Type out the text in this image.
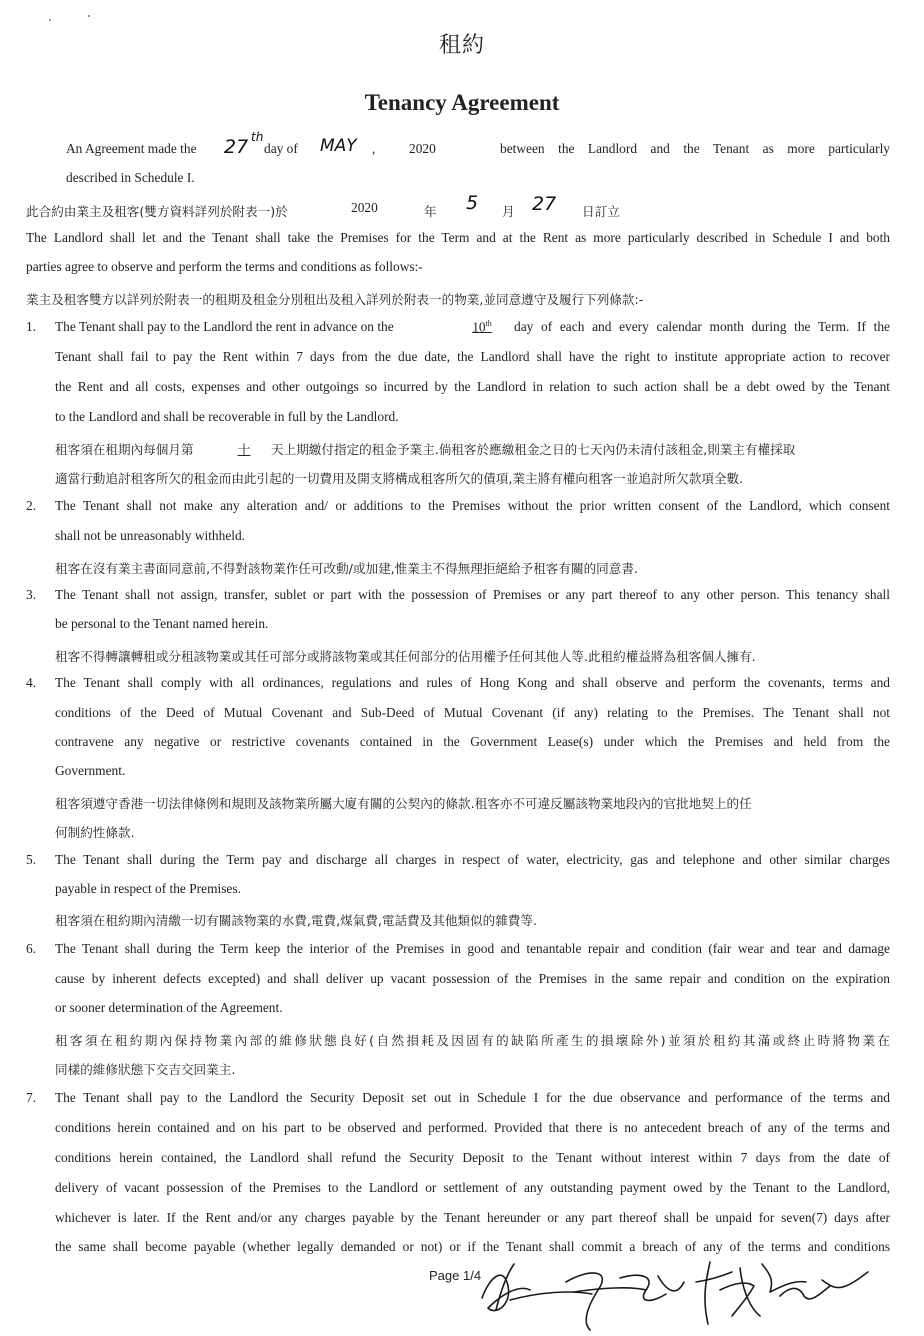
租約
Tenancy Agreement
An Agreement made the 27 th
day of MAY ,	2020	between the Landlord and the Tenant as more particularly
described in Schedule I.
此合約由業主及租客(雙方資料詳列於附表一)於	2020	年 5 月 27 日訂立
The Landlord shall let and the Tenant shall take the Premises for the Term and at the Rent as more particularly described in Schedule I and both
parties agree to observe and perform the terms and conditions as follows:-
業主及租客雙方以詳列於附表一的租期及租金分別租出及租入詳列於附表一的物業,並同意遵守及履行下列條款:-
1. The Tenant shall pay to the Landlord the rent in advance on the	10th	day of each and every calendar month during the Term. If the
Tenant shall fail to pay the Rent within 7 days from the due date, the Landlord shall have the right to institute appropriate action to recover
the Rent and all costs, expenses and other outgoings so incurred by the Landlord in relation to such action shall be a debt owed by the Tenant
to the Landlord and shall be recoverable in full by the Landlord.
租客須在租期內每個月第	十	天上期繳付指定的租金予業主.倘租客於應繳租金之日的七天內仍未清付該租金,則業主有權採取
適當行動追討租客所欠的租金而由此引起的一切費用及開支將構成租客所欠的債項,業主將有權向租客一並追討所欠款項全數.
2. The Tenant shall not make any alteration and/ or additions to the Premises without the prior written consent of the Landlord, which consent
shall not be unreasonably withheld.
租客在沒有業主書面同意前,不得對該物業作任可改動/或加建,惟業主不得無理拒絕給予租客有關的同意書.
3. The Tenant shall not assign, transfer, sublet or part with the possession of Premises or any part thereof to any other person. This tenancy shall
be personal to the Tenant named herein.
租客不得轉讓轉租或分租該物業或其任可部分或將該物業或其任何部分的佔用權予任何其他人等.此租約權益將為租客個人擁有.
4. The Tenant shall comply with all ordinances, regulations and rules of Hong Kong and shall observe and perform the covenants, terms and
conditions of the Deed of Mutual Covenant and Sub-Deed of Mutual Covenant (if any) relating to the Premises. The Tenant shall not
contravene any negative or restrictive covenants contained in the Government Lease(s) under which the Premises and held from the
Government.
租客須遵守香港一切法律條例和規則及該物業所屬大廈有關的公契內的條款.租客亦不可違反屬該物業地段內的官批地契上的任
何制約性條款.
5. The Tenant shall during the Term pay and discharge all charges in respect of water, electricity, gas and telephone and other similar charges
payable in respect of the Premises.
租客須在租約期內清繳一切有關該物業的水費,電費,煤氣費,電話費及其他類似的雜費等.
6. The Tenant shall during the Term keep the interior of the Premises in good and tenantable repair and condition (fair wear and tear and damage
cause by inherent defects excepted) and shall deliver up vacant possession of the Premises in the same repair and condition on the expiration
or sooner determination of the Agreement.
租客須在租約期內保持物業內部的維修狀態良好(自然損耗及因固有的缺陷所產生的損壞除外)並須於租約其滿或終止時將物業在
同樣的維修狀態下交吉交回業主.
7. The Tenant shall pay to the Landlord the Security Deposit set out in Schedule I for the due observance and performance of the terms and
conditions herein contained and on his part to be observed and performed. Provided that there is no antecedent breach of any of the terms and
conditions herein contained, the Landlord shall refund the Security Deposit to the Tenant without interest within 7 days from the date of
delivery of vacant possession of the Premises to the Landlord or settlement of any outstanding payment owed by the Tenant to the Landlord,
whichever is later. If the Rent and/or any charges payable by the Tenant hereunder or any part thereof shall be unpaid for seven(7) days after
the same shall become payable (whether legally demanded or not) or if the Tenant shall commit a breach of any of the terms and conditions
Page 1/4
